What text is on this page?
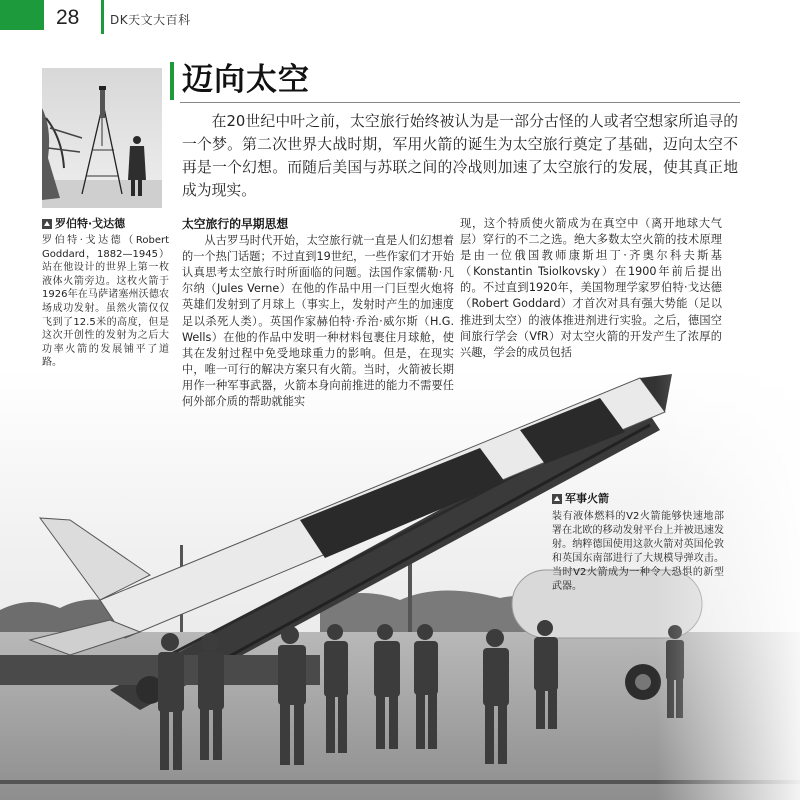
28	DK天文大百科
罗伯特·戈达德
罗伯特·戈达德（Robert Goddard，1882—1945）站在他设计的世界上第一枚液体火箭旁边。这枚火箭于1926年在马萨诸塞州沃德农场成功发射。虽然火箭仅仅飞到了12.5米的高度，但是这次开创性的发射为之后大功率火箭的发展铺平了道路。
迈向太空
在20世纪中叶之前，太空旅行始终被认为是一部分古怪的人或者空想家所追寻的一个梦。第二次世界大战时期，军用火箭的诞生为太空旅行奠定了基础，迈向太空不再是一个幻想。而随后美国与苏联之间的冷战则加速了太空旅行的发展，使其真正地成为现实。
太空旅行的早期思想
从古罗马时代开始，太空旅行就一直是人们幻想着的一个热门话题；不过直到19世纪，一些作家们才开始认真思考太空旅行时所面临的问题。法国作家儒勒·凡尔纳（Jules Verne）在他的作品中用一门巨型火炮将英雄们发射到了月球上（事实上，发射时产生的加速度足以杀死人类）。英国作家赫伯特·乔治·威尔斯（H.G. Wells）在他的作品中发明一种材料包裹住月球舱，使其在发射过程中免受地球重力的影响。但是，在现实中，唯一可行的解决方案只有火箭。当时，火箭被长期用作一种军事武器，火箭本身向前推进的能力不需要任何外部介质的帮助就能实
现，这个特质使火箭成为在真空中（离开地球大气层）穿行的不二之选。绝大多数太空火箭的技术原理是由一位俄国教师康斯坦丁·齐奥尔科夫斯基（Konstantin Tsiolkovsky）在1900年前后提出的。不过直到1920年，美国物理学家罗伯特·戈达德（Robert Goddard）才首次对具有强大势能（足以推进到太空）的液体推进剂进行实验。之后，德国空间旅行学会（VfR）对太空火箭的开发产生了浓厚的兴趣，学会的成员包括
军事火箭
装有液体燃料的V2火箭能够快速地部署在北欧的移动发射平台上并被迅速发射。纳粹德国使用这款火箭对英国伦敦和英国东南部进行了大规模导弹攻击。当时V2火箭成为一种令人恐惧的新型武器。
